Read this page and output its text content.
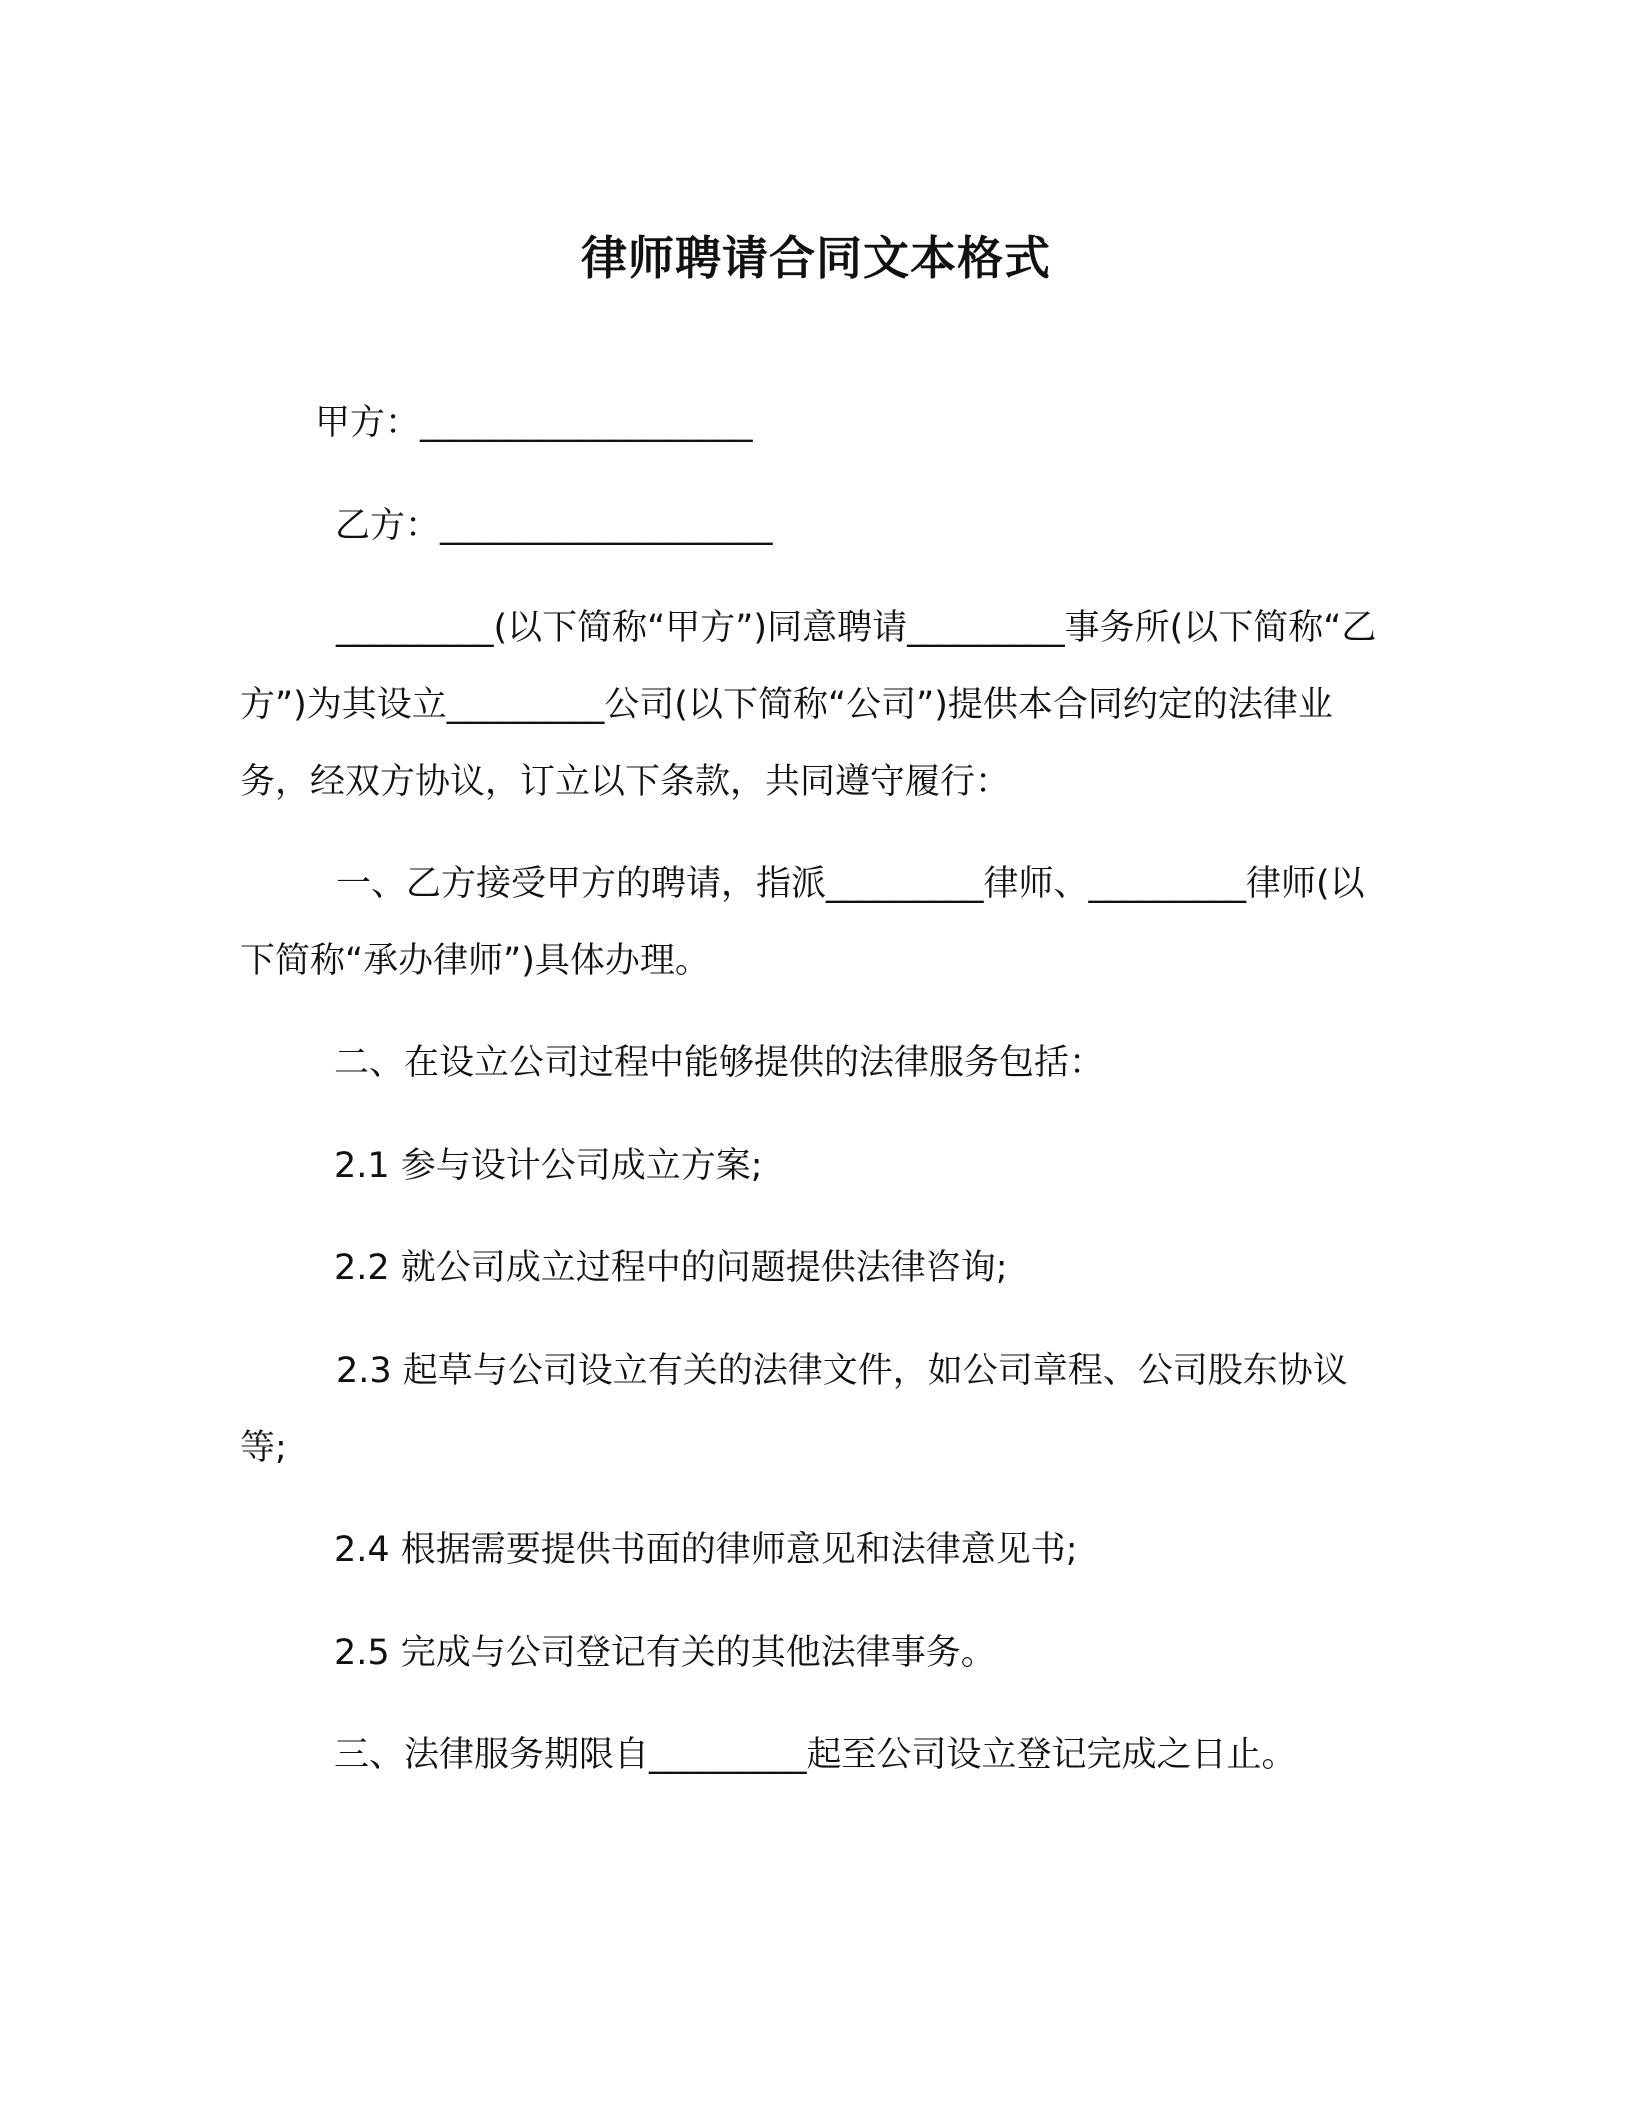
律师聘请合同文本格式
甲方：___________________
乙方：___________________
_________(以下简称“甲方”)同意聘请_________事务所(以下简称“乙方”)为其设立_________公司(以下简称“公司”)提供本合同约定的法律业务，经双方协议，订立以下条款，共同遵守履行：
一、乙方接受甲方的聘请，指派_________律师、_________律师(以下简称“承办律师”)具体办理。
二、在设立公司过程中能够提供的法律服务包括：
2.1 参与设计公司成立方案;
2.2 就公司成立过程中的问题提供法律咨询;
2.3 起草与公司设立有关的法律文件，如公司章程、公司股东协议等;
2.4 根据需要提供书面的律师意见和法律意见书;
2.5 完成与公司登记有关的其他法律事务。
三、法律服务期限自_________起至公司设立登记完成之日止。
